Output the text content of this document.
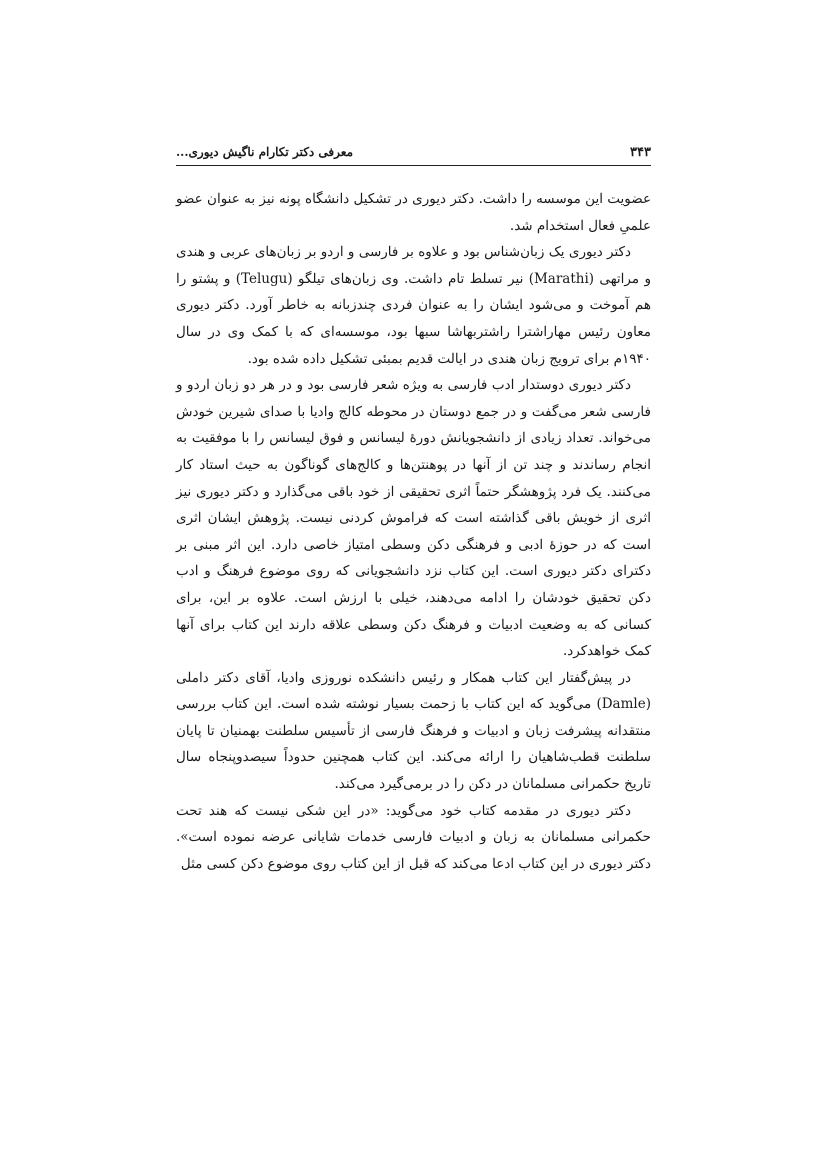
۳۴۳
معرفی دکتر تکارام ناگیش دیوری...

عضویت این موسسه را داشت. دکتر دیوری در تشکیل دانشگاه پونه نیز به عنوان عضو علمیِ فعال استخدام شد.

دکتر دیوری یک زبان‌شناس بود و علاوه بر فارسی و اردو بر زبان‌های عربی و هندی و مراتهی (Marathi) نیر تسلط تام داشت. وی زبان‌های تیلگو (Telugu) و پشتو را هم آموخت و می‌شود ایشان را به عنوان فردی چندزبانه به خاطر آورد. دکتر دیوری معاون رئیس مهاراشترا راشتربهاشا سبها بود، موسسه‌ای که با کمک وی در سال ۱۹۴۰م برای ترویج زبان هندی در ایالت قدیم بمبئی تشکیل داده شده بود.

دکتر دیوری دوستدار ادب فارسی به ویژه شعر فارسی بود و در هر دو زبان اردو و فارسی شعر می‌گفت و در جمع دوستان در محوطه کالج وادیا با صدای شیرین خودش می‌خواند. تعداد زیادی از دانشجویانش دورهٔ لیسانس و فوق لیسانس را با موفقیت به انجام رساندند و چند تن از آنها در پوهنتن‌ها و کالج‌های گوناگون به حیث استاد کار می‌کنند. یک فرد پژوهشگر حتماً اثری تحقیقی از خود باقی می‌گذارد و دکتر دیوری نیز اثری از خویش باقی گذاشته است که فراموش کردنی نیست. پژوهش ایشان اثری است که در حوزهٔ ادبی و فرهنگی دکن وسطی امتیاز خاصی دارد. این اثر مبنی بر دکترای دکتر دیوری است. این کتاب نزد دانشجویانی که روی موضوع فرهنگ و ادب دکن تحقیق خودشان را ادامه می‌دهند، خیلی با ارزش است. علاوه بر این، برای کسانی که به وضعیت ادبیات و فرهنگ دکن وسطی علاقه دارند این کتاب برای آنها کمک خواهدکرد.

در پیش‌گفتار این کتاب همکار و رئیس دانشکده نوروزی وادیا، آقای دکتر داملی (Damle) می‌گوید که این کتاب با زحمت بسیار نوشته شده است. این کتاب بررسی منتقدانه پیشرفت زبان و ادبیات و فرهنگ فارسی از تأسیس سلطنت بهمنیان تا پایان سلطنت قطب‌شاهیان را ارائه می‌کند. این کتاب همچنین حدوداً سیصدوپنجاه سال تاریخ حکمرانی مسلمانان در دکن را در برمی‌گیرد می‌کند.

دکتر دیوری در مقدمه کتاب خود می‌گوید: «در این شکی نیست که هند تحت حکمرانی مسلمانان به زبان و ادبیات فارسی خدمات شایانی عرضه نموده است». دکتر دیوری در این کتاب ادعا می‌کند که قبل از این کتاب روی موضوع دکن کسی مثل
